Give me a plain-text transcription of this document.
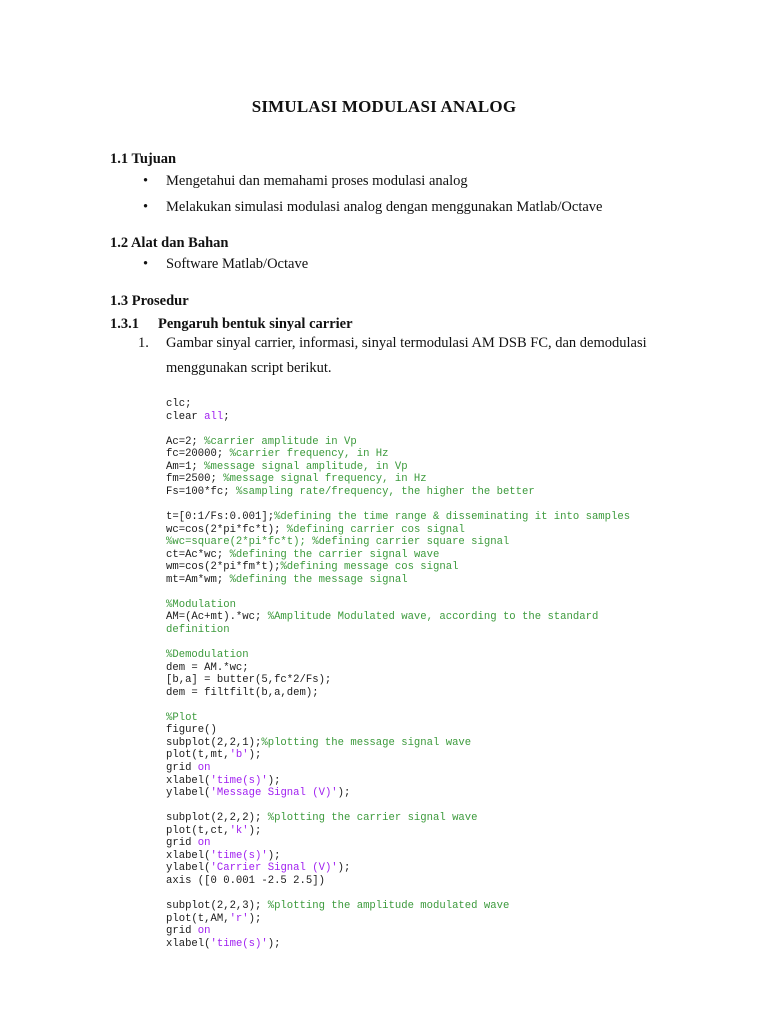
SIMULASI MODULASI ANALOG
1.1 Tujuan
• Mengetahui dan memahami proses modulasi analog
• Melakukan simulasi modulasi analog dengan menggunakan Matlab/Octave
1.2 Alat dan Bahan
• Software Matlab/Octave
1.3 Prosedur
1.3.1 Pengaruh bentuk sinyal carrier
1. Gambar sinyal carrier, informasi, sinyal termodulasi AM DSB FC, dan demodulasi
menggunakan script berikut.
clc;
clear all;
Ac=2; %carrier amplitude in Vp
fc=20000; %carrier frequency, in Hz
Am=1; %message signal amplitude, in Vp
fm=2500; %message signal frequency, in Hz
Fs=100*fc; %sampling rate/frequency, the higher the better
t=[0:1/Fs:0.001];%defining the time range & disseminating it into samples
wc=cos(2*pi*fc*t); %defining carrier cos signal
%wc=square(2*pi*fc*t); %defining carrier square signal
ct=Ac*wc; %defining the carrier signal wave
wm=cos(2*pi*fm*t);%defining message cos signal
mt=Am*wm; %defining the message signal
%Modulation
AM=(Ac+mt).*wc; %Amplitude Modulated wave, according to the standard
definition
%Demodulation
dem = AM.*wc;
[b,a] = butter(5,fc*2/Fs);
dem = filtfilt(b,a,dem);
%Plot
figure()
subplot(2,2,1);%plotting the message signal wave
plot(t,mt,'b');
grid on
xlabel('time(s)');
ylabel('Message Signal (V)');
subplot(2,2,2); %plotting the carrier signal wave
plot(t,ct,'k');
grid on
xlabel('time(s)');
ylabel('Carrier Signal (V)');
axis ([0 0.001 -2.5 2.5])
subplot(2,2,3); %plotting the amplitude modulated wave
plot(t,AM,'r');
grid on
xlabel('time(s)');
